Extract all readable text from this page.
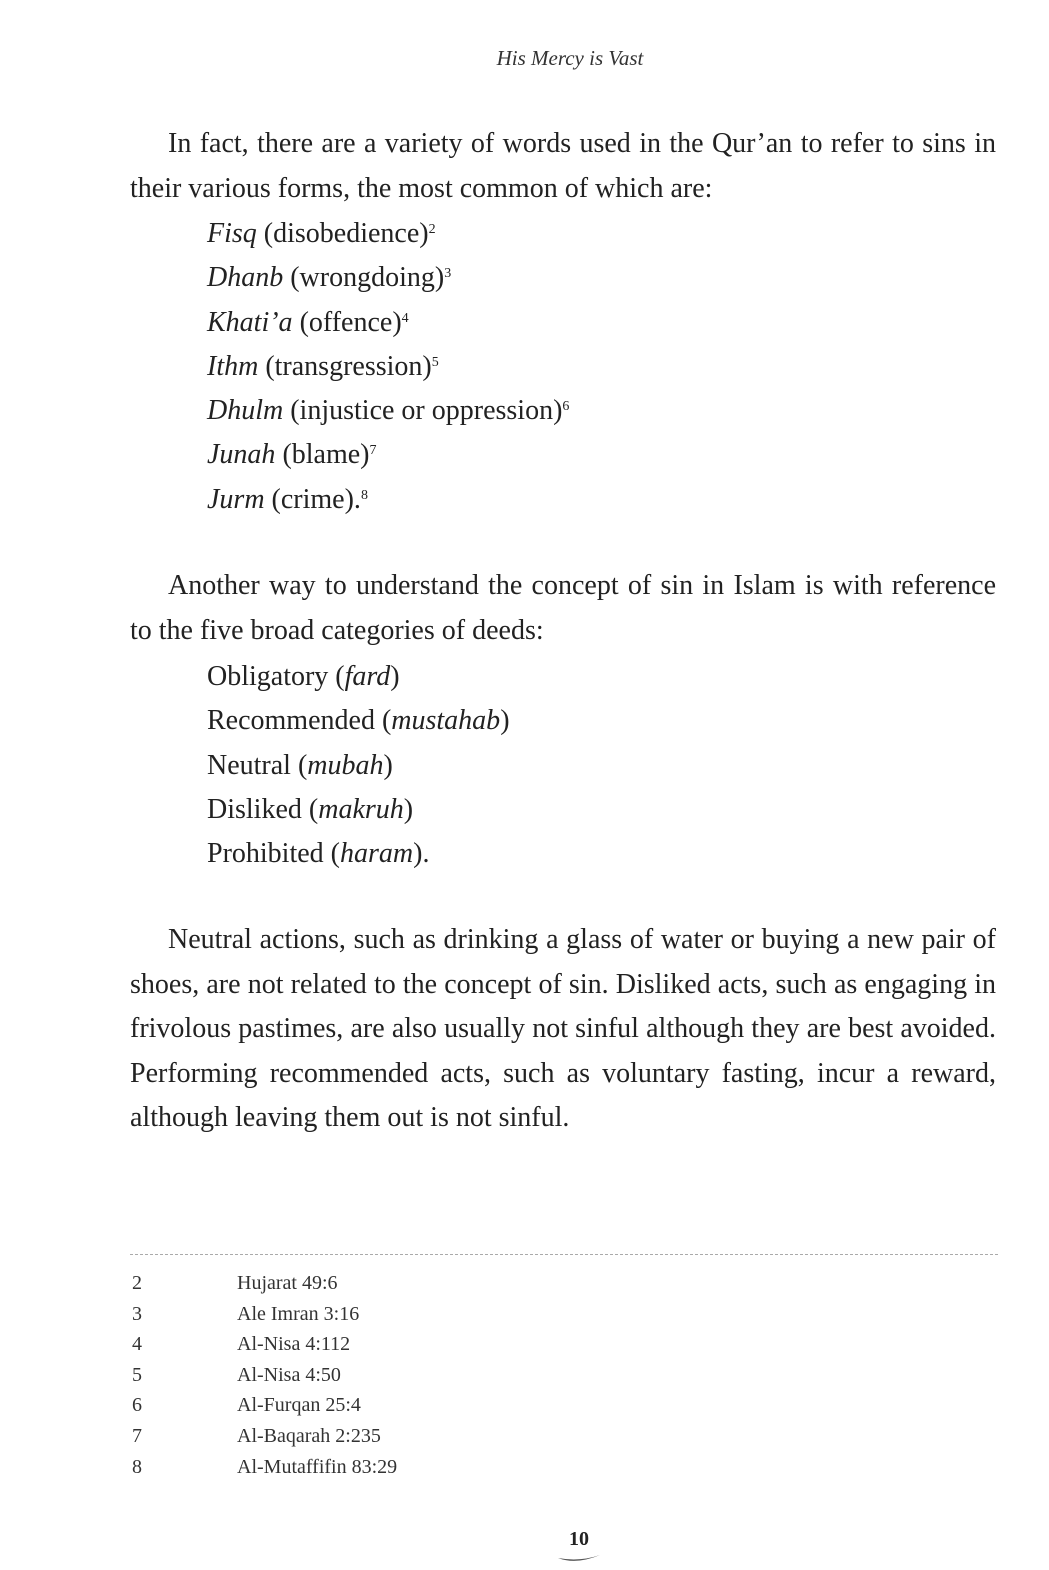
His Mercy is Vast
In fact, there are a variety of words used in the Qur’an to refer to sins in their various forms, the most common of which are:
Fisq (disobedience)$^2$
Dhanb (wrongdoing)$^3$
Khati’a (offence)$^4$
Ithm (transgression)$^5$
Dhulm (injustice or oppression)$^6$
Junah (blame)$^7$
Jurm (crime).$^8$
Another way to understand the concept of sin in Islam is with reference to the five broad categories of deeds:
Obligatory (fard)
Recommended (mustahab)
Neutral (mubah)
Disliked (makruh)
Prohibited (haram).
Neutral actions, such as drinking a glass of water or buying a new pair of shoes, are not related to the concept of sin. Disliked acts, such as engaging in frivolous pastimes, are also usually not sinful although they are best avoided. Performing recommended acts, such as voluntary fasting, incur a reward, although leaving them out is not sinful.
2	Hujarat 49:6
3	Ale Imran 3:16
4	Al-Nisa 4:112
5	Al-Nisa 4:50
6	Al-Furqan 25:4
7	Al-Baqarah 2:235
8	Al-Mutaffifin 83:29
10
